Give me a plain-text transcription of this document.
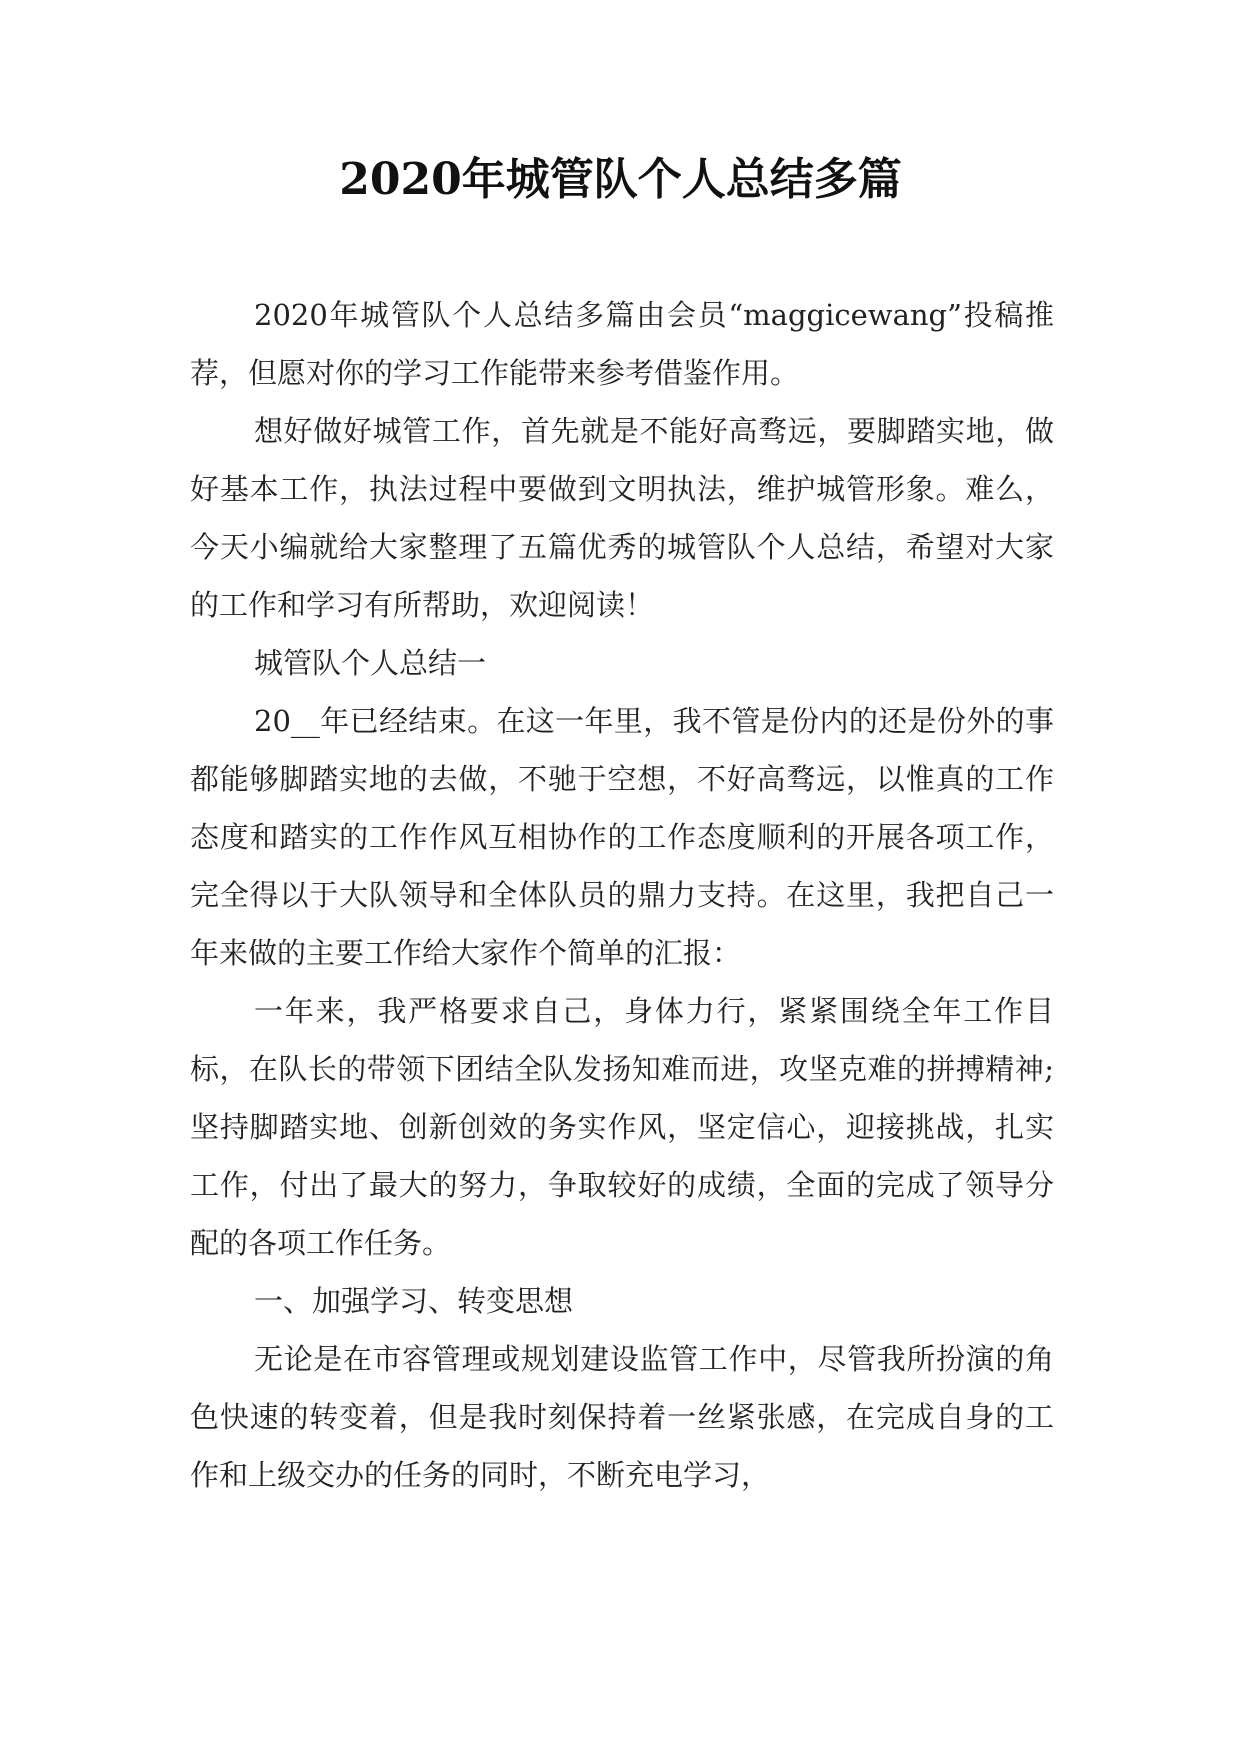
2020年城管队个人总结多篇

2020年城管队个人总结多篇由会员“maggicewang”投稿推荐，但愿对你的学习工作能带来参考借鉴作用。

想好做好城管工作，首先就是不能好高骛远，要脚踏实地，做好基本工作，执法过程中要做到文明执法，维护城管形象。难么，今天小编就给大家整理了五篇优秀的城管队个人总结，希望对大家的工作和学习有所帮助，欢迎阅读！

城管队个人总结一

20__年已经结束。在这一年里，我不管是份内的还是份外的事都能够脚踏实地的去做，不驰于空想，不好高骛远，以惟真的工作态度和踏实的工作作风互相协作的工作态度顺利的开展各项工作，完全得以于大队领导和全体队员的鼎力支持。在这里，我把自己一年来做的主要工作给大家作个简单的汇报：

一年来，我严格要求自己，身体力行，紧紧围绕全年工作目标，在队长的带领下团结全队发扬知难而进，攻坚克难的拼搏精神;坚持脚踏实地、创新创效的务实作风，坚定信心，迎接挑战，扎实工作，付出了最大的努力，争取较好的成绩，全面的完成了领导分配的各项工作任务。

一、加强学习、转变思想

无论是在市容管理或规划建设监管工作中，尽管我所扮演的角色快速的转变着，但是我时刻保持着一丝紧张感，在完成自身的工作和上级交办的任务的同时，不断充电学习，
